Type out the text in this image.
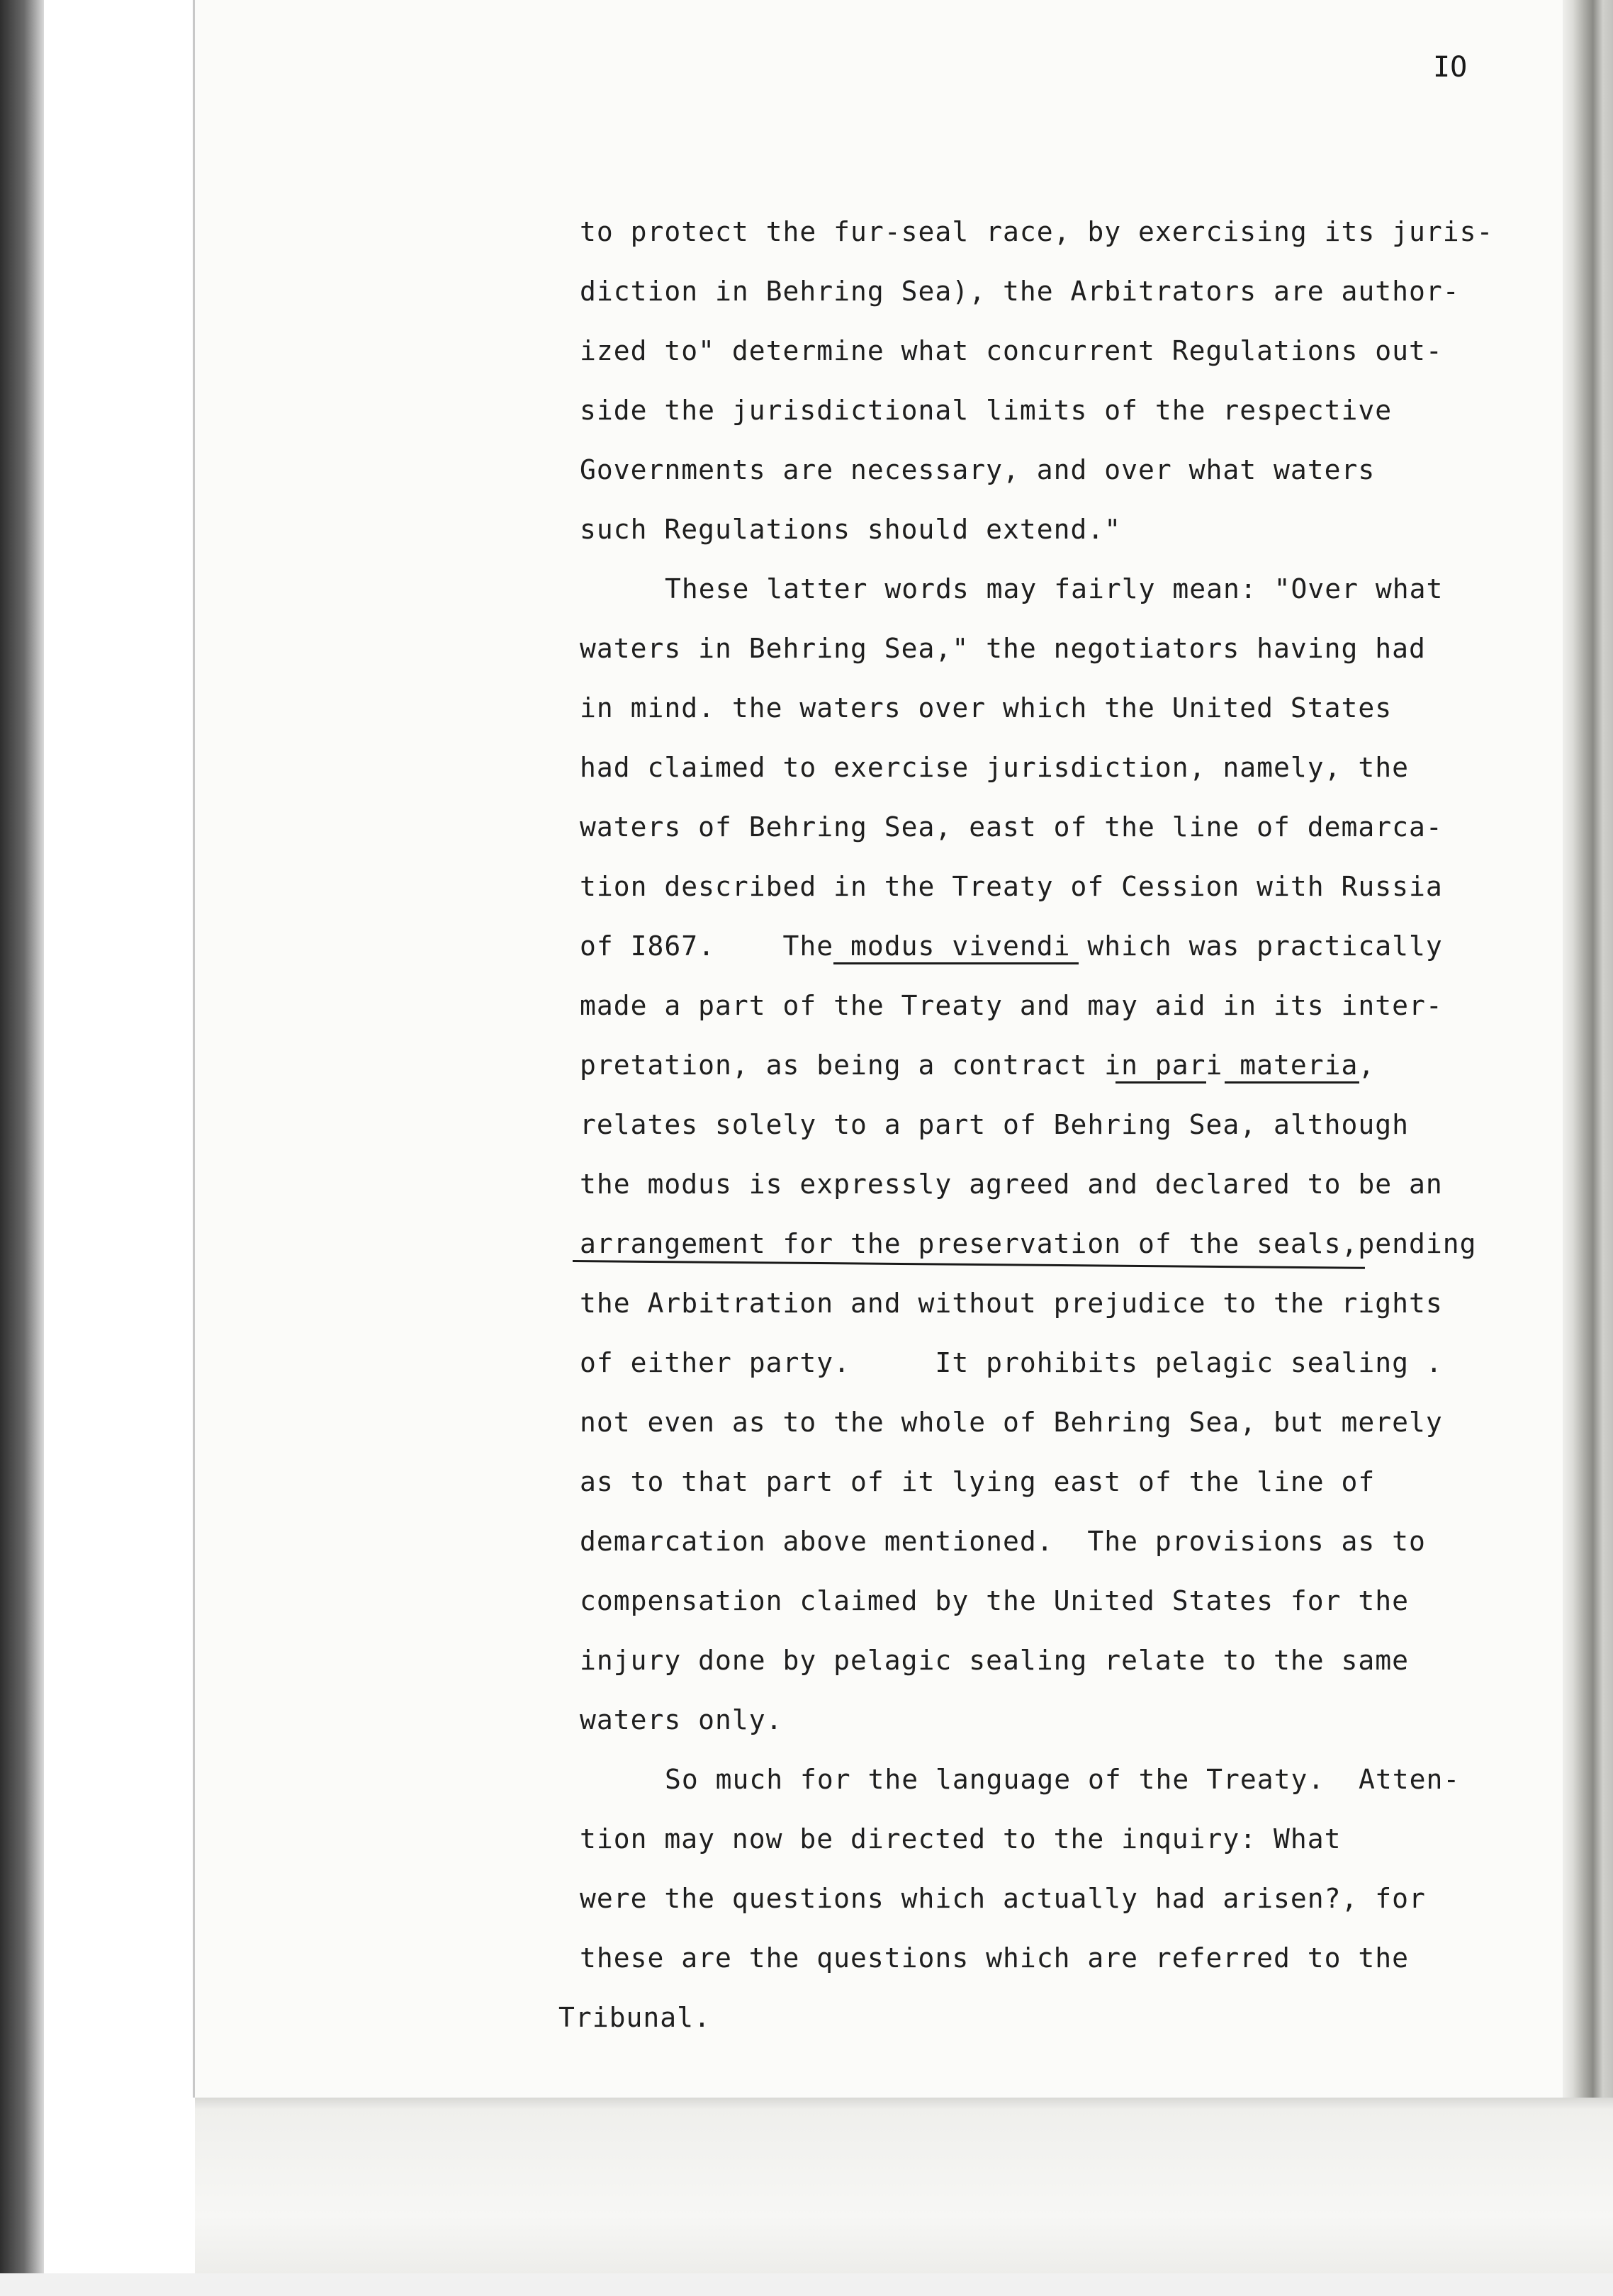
IO
to protect the fur-seal race, by exercising its juris-
diction in Behring Sea), the Arbitrators are author-
ized to" determine what concurrent Regulations out-
side the jurisdictional limits of the respective
Governments are necessary, and over what waters
such Regulations should extend."
These latter words may fairly mean: "Over what
waters in Behring Sea," the negotiators having had
in mind. the waters over which the United States
had claimed to exercise jurisdiction, namely, the
waters of Behring Sea, east of the line of demarca-
tion described in the Treaty of Cession with Russia
of I867.    The modus vivendi which was practically
made a part of the Treaty and may aid in its inter-
pretation, as being a contract in pari materia,
relates solely to a part of Behring Sea, although
the modus is expressly agreed and declared to be an
arrangement for the preservation of the seals,pending
the Arbitration and without prejudice to the rights
of either party.     It prohibits pelagic sealing .
not even as to the whole of Behring Sea, but merely
as to that part of it lying east of the line of
demarcation above mentioned.  The provisions as to
compensation claimed by the United States for the
injury done by pelagic sealing relate to the same
waters only.
So much for the language of the Treaty.  Atten-
tion may now be directed to the inquiry: What
were the questions which actually had arisen?, for
these are the questions which are referred to the
Tribunal.
